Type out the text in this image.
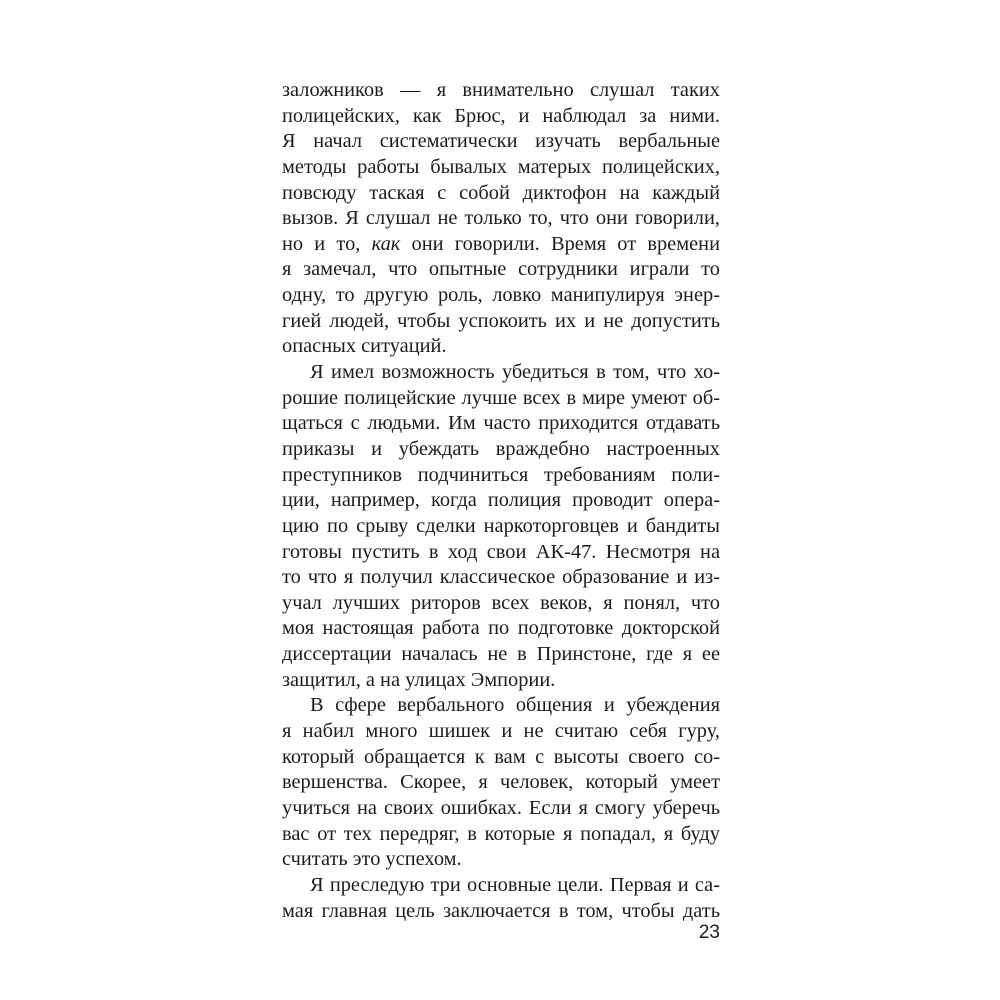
заложников — я внимательно слушал таких
полицейских, как Брюс, и наблюдал за ними.
Я начал систематически изучать вербальные
методы работы бывалых матерых полицейских,
повсюду таская с собой диктофон на каждый
вызов. Я слушал не только то, что они говорили,
но и то, как они говорили. Время от времени
я замечал, что опытные сотрудники играли то
одну, то другую роль, ловко манипулируя энер-
гией людей, чтобы успокоить их и не допустить
опасных ситуаций.
Я имел возможность убедиться в том, что хо-
рошие полицейские лучше всех в мире умеют об-
щаться с людьми. Им часто приходится отдавать
приказы и убеждать враждебно настроенных
преступников подчиниться требованиям поли-
ции, например, когда полиция проводит опера-
цию по срыву сделки наркоторговцев и бандиты
готовы пустить в ход свои АК-47. Несмотря на
то что я получил классическое образование и из-
учал лучших риторов всех веков, я понял, что
моя настоящая работа по подготовке докторской
диссертации началась не в Принстоне, где я ее
защитил, а на улицах Эмпории.
В сфере вербального общения и убеждения
я набил много шишек и не считаю себя гуру,
который обращается к вам с высоты своего со-
вершенства. Скорее, я человек, который умеет
учиться на своих ошибках. Если я смогу уберечь
вас от тех передряг, в которые я попадал, я буду
считать это успехом.
Я преследую три основные цели. Первая и са-
мая главная цель заключается в том, чтобы дать
23
